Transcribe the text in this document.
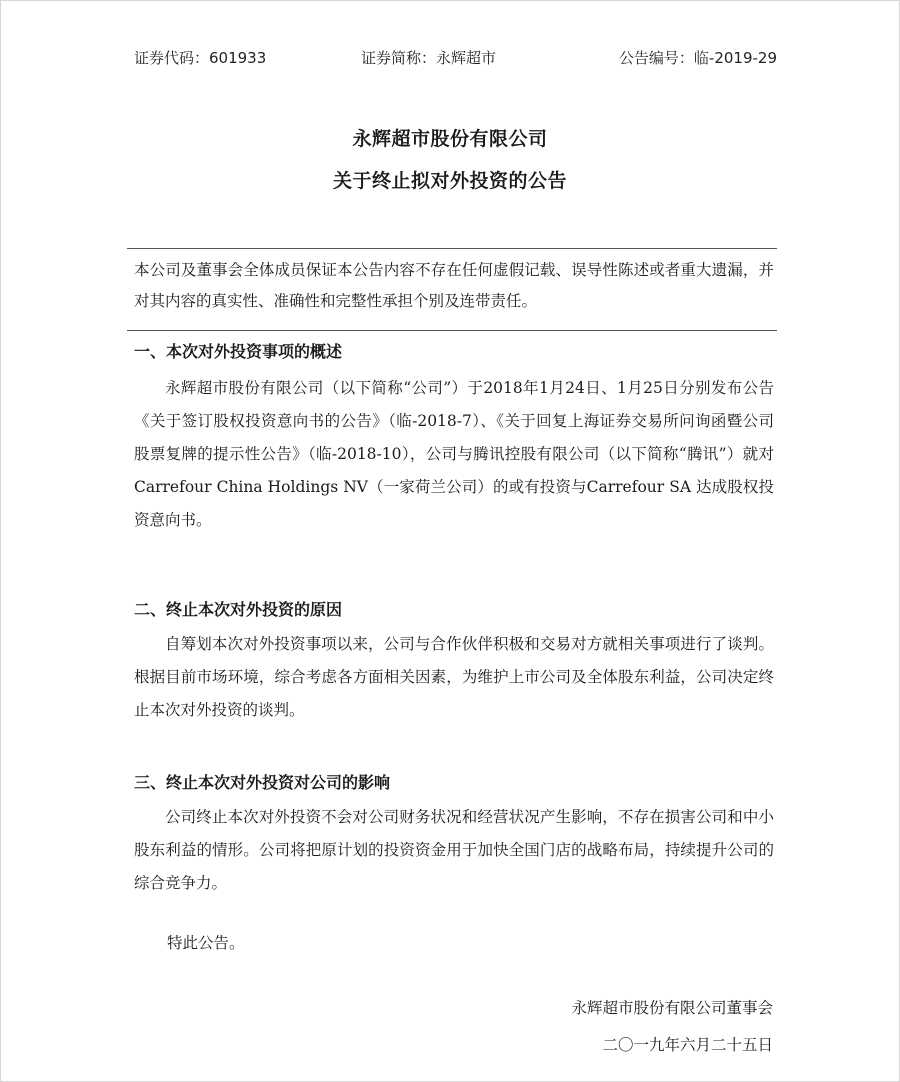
证券代码：601933	证券简称：永辉超市	公告编号：临-2019-29
永辉超市股份有限公司
关于终止拟对外投资的公告
本公司及董事会全体成员保证本公告内容不存在任何虚假记载、误导性陈述或者重大遗漏，并对其内容的真实性、准确性和完整性承担个别及连带责任。
一、本次对外投资事项的概述
永辉超市股份有限公司（以下简称“公司”）于2018年1月24日、1月25日分别发布公告《关于签订股权投资意向书的公告》（临-2018-7）、《关于回复上海证券交易所问询函暨公司股票复牌的提示性公告》（临-2018-10），公司与腾讯控股有限公司（以下简称“腾讯”）就对Carrefour China Holdings NV（一家荷兰公司）的或有投资与Carrefour SA 达成股权投资意向书。
二、终止本次对外投资的原因
自筹划本次对外投资事项以来，公司与合作伙伴积极和交易对方就相关事项进行了谈判。根据目前市场环境，综合考虑各方面相关因素，为维护上市公司及全体股东利益，公司决定终止本次对外投资的谈判。
三、终止本次对外投资对公司的影响
公司终止本次对外投资不会对公司财务状况和经营状况产生影响，不存在损害公司和中小股东利益的情形。公司将把原计划的投资资金用于加快全国门店的战略布局，持续提升公司的综合竞争力。
特此公告。
永辉超市股份有限公司董事会
二〇一九年六月二十五日
